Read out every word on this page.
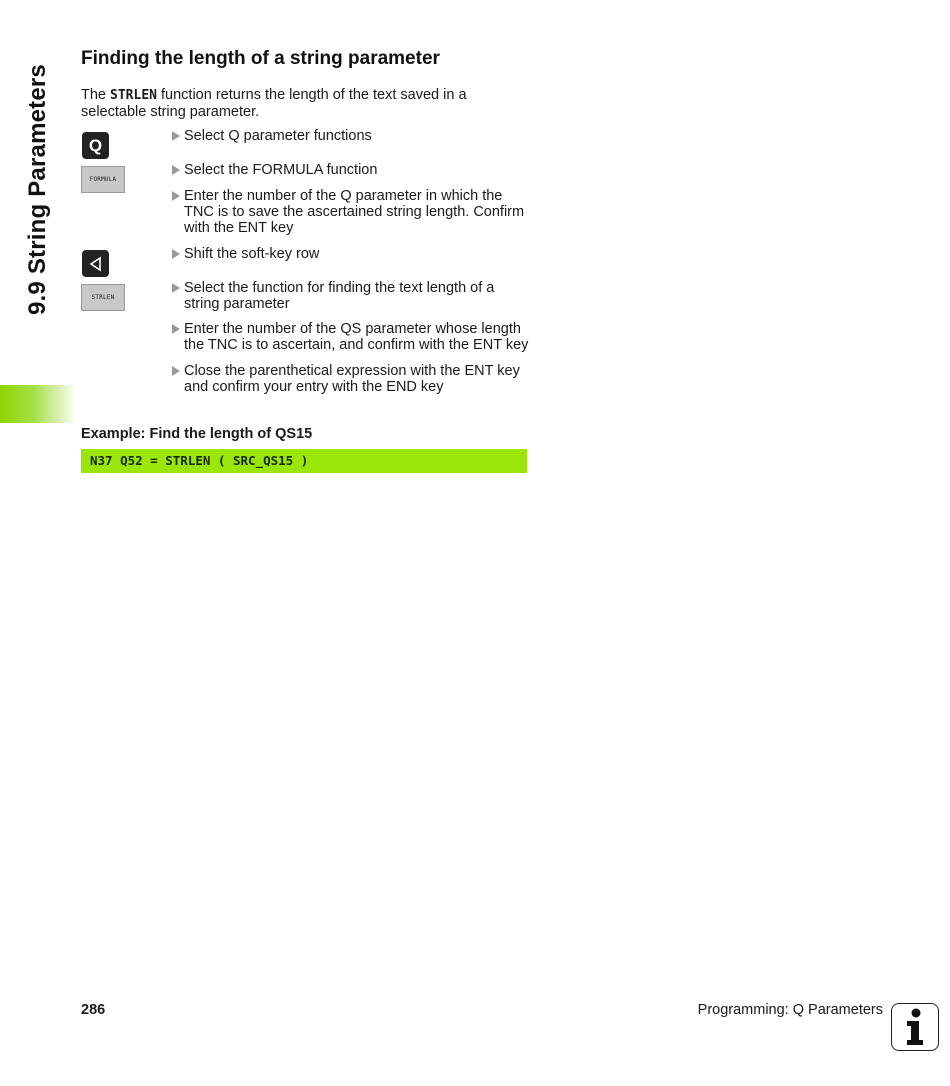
9.9 String Parameters
Finding the length of a string parameter
The STRLEN function returns the length of the text saved in a selectable string parameter.
Q
FORMULA
STRLEN
Select Q parameter functions
Select the FORMULA function
Enter the number of the Q parameter in which the TNC is to save the ascertained string length. Confirm with the ENT key
Shift the soft-key row
Select the function for finding the text length of a string parameter
Enter the number of the QS parameter whose length the TNC is to ascertain, and confirm with the ENT key
Close the parenthetical expression with the ENT key and confirm your entry with the END key
Example: Find the length of QS15
N37 Q52 = STRLEN ( SRC_QS15 )
286	Programming: Q Parameters
